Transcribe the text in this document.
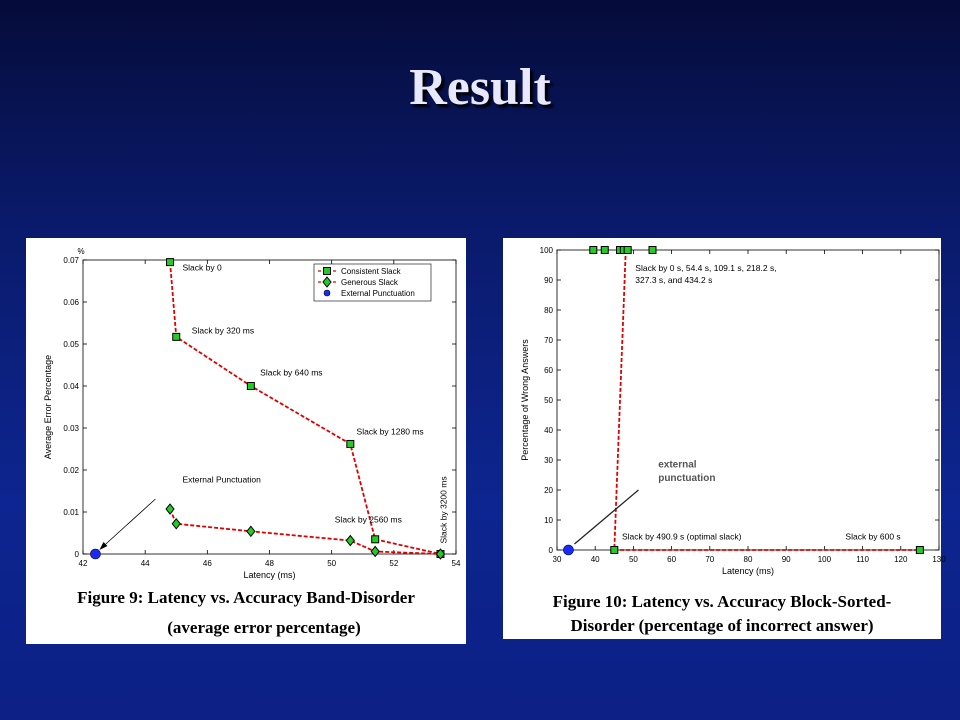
Result
42	44	46	48	50	52	54
0
0.01
0.02
0.03
0.04
0.05
0.06
0.07
%
Latency (ms)
Average Error Percentage
Slack by 0
Slack by 320 ms
Slack by 640 ms
Slack by 1280 ms
Slack by 2560 ms
External Punctuation	Slack by 3200 ms
Consistent Slack
Generous Slack
External Punctuation
Figure 9: Latency vs. Accuracy Band-Disorder
(average error percentage)
30	40	50	60	70	80	90	100	110	120	130
0
10
20
30
40
50
60
70
80
90
100
Latency (ms)
Percentage of Wrong Answers
Slack by 0 s, 54.4 s, 109.1 s, 218.2 s,
327.3 s, and 434.2 s
Slack by 490.9 s (optimal slack)	Slack by 600 s
external
punctuation
Figure 10: Latency vs. Accuracy Block-Sorted-
Disorder (percentage of incorrect answer)
